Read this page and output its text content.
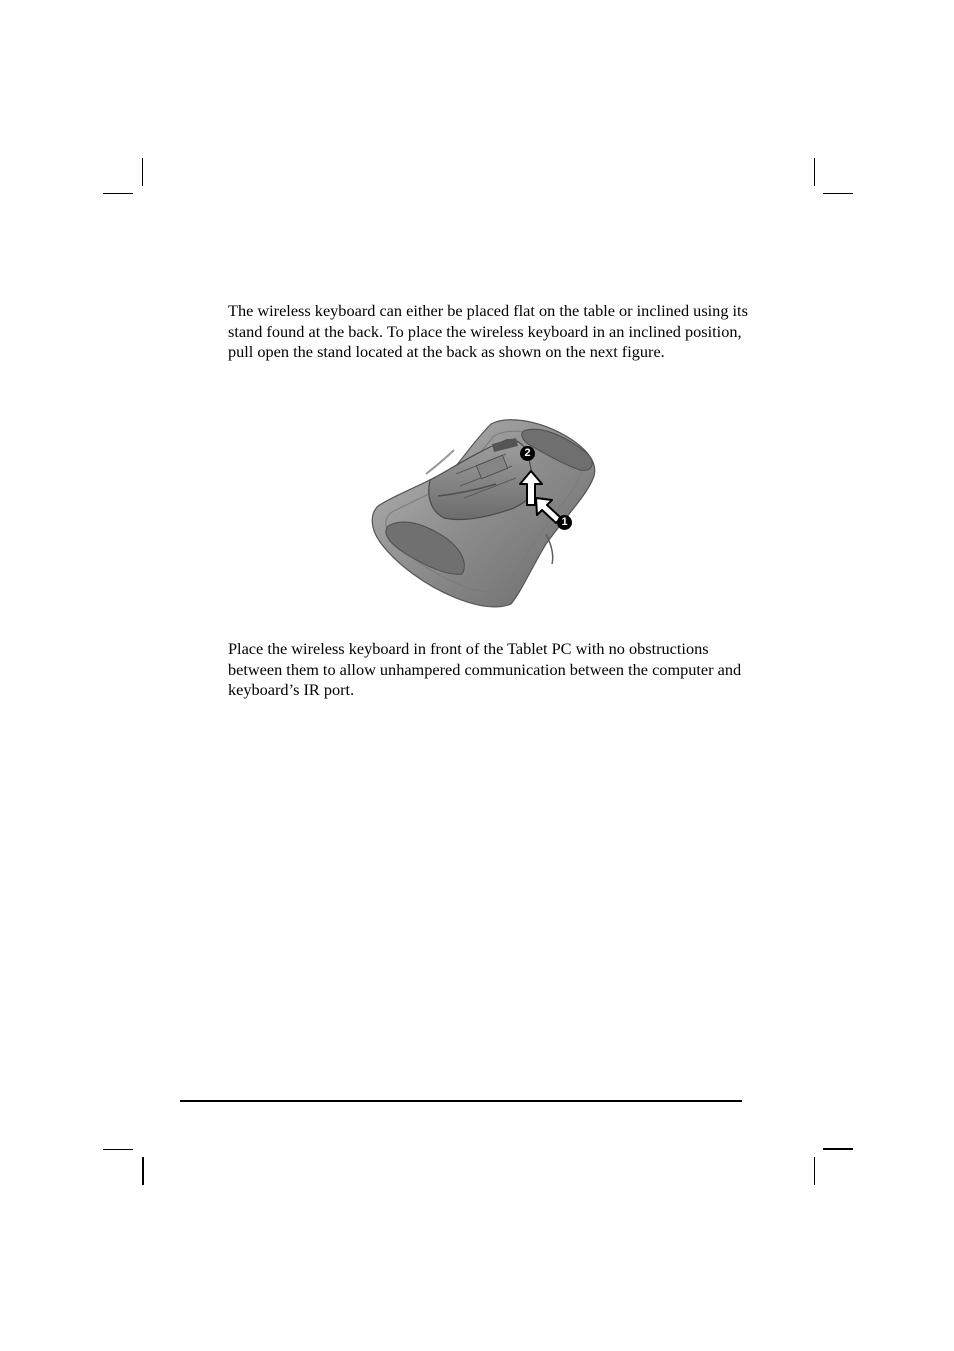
The wireless keyboard can either be placed flat on the table or inclined using its stand found at the back. To place the wireless keyboard in an inclined position, pull open the stand located at the back as shown on the next figure.

2
1

Place the wireless keyboard in front of the Tablet PC with no obstructions between them to allow unhampered communication between the computer and keyboard’s IR port.
